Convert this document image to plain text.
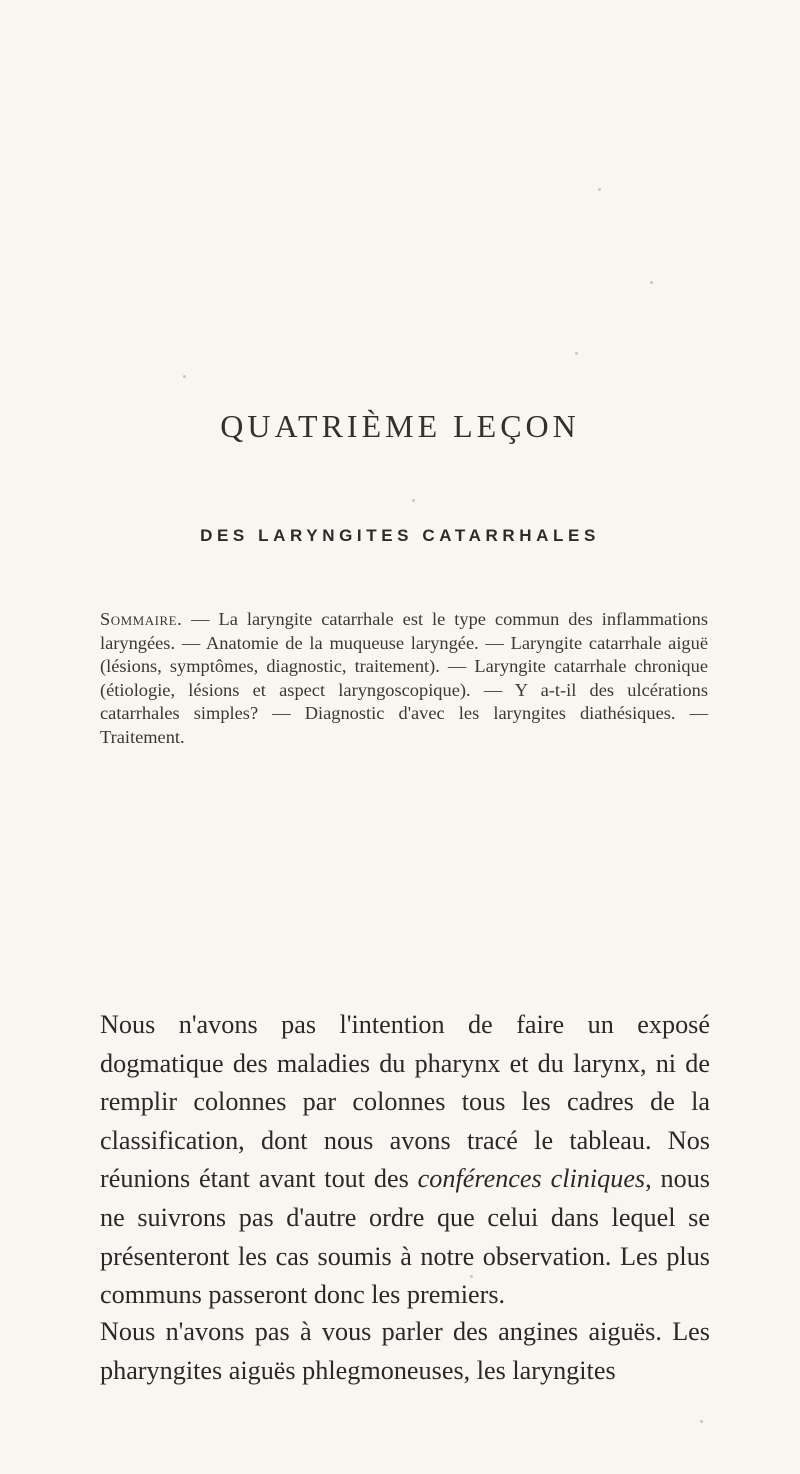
QUATRIÈME LEÇON
DES LARYNGITES CATARRHALES

Sommaire. — La laryngite catarrhale est le type commun des inflammations laryngées. — Anatomie de la muqueuse laryngée. — Laryngite catarrhale aiguë (lésions, symptômes, diagnostic, traitement). — Laryngite catarrhale chronique (étiologie, lésions et aspect laryngoscopique). — Y a-t-il des ulcérations catarrhales simples? — Diagnostic d'avec les laryngites diathésiques. — Traitement.

Nous n'avons pas l'intention de faire un exposé dogmatique des maladies du pharynx et du larynx, ni de remplir colonnes par colonnes tous les cadres de la classification, dont nous avons tracé le tableau. Nos réunions étant avant tout des conférences cliniques, nous ne suivrons pas d'autre ordre que celui dans lequel se présenteront les cas soumis à notre observation. Les plus communs passeront donc les premiers.

Nous n'avons pas à vous parler des angines aiguës. Les pharyngites aiguës phlegmoneuses, les laryngites
